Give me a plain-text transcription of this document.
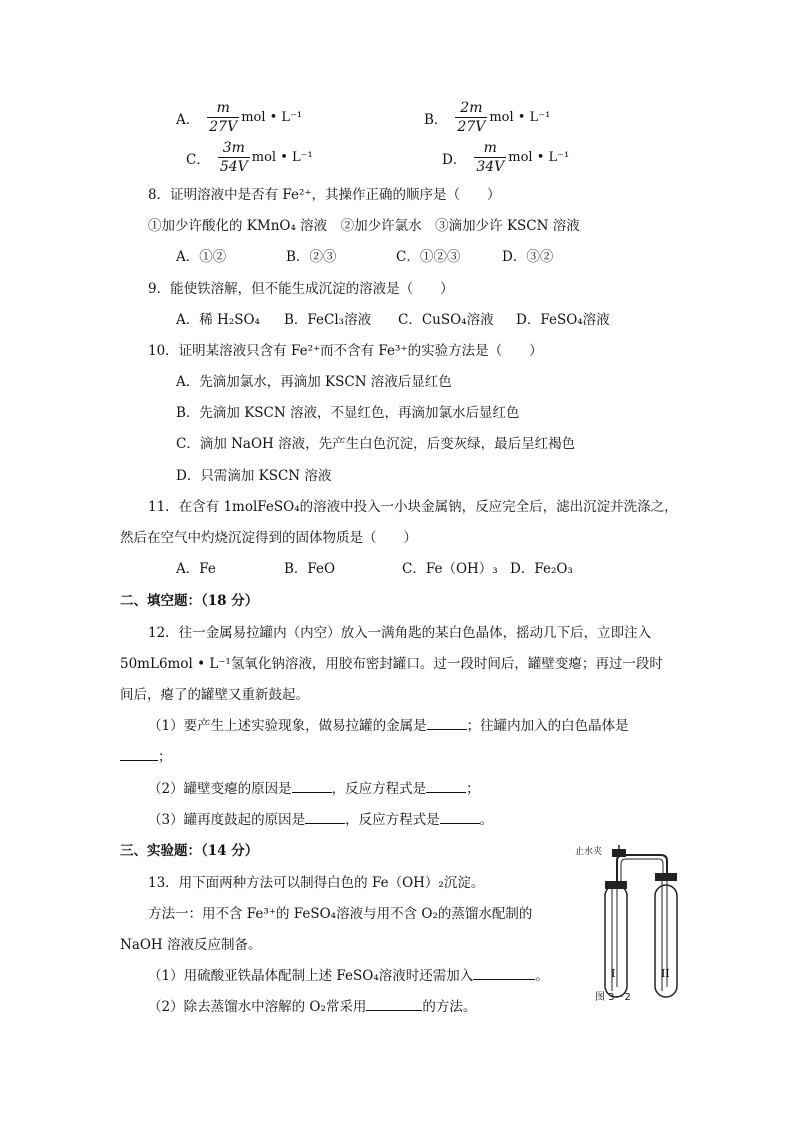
A． $\frac{m}{27V}$ mol • L⁻¹	B． $\frac{2m}{27V}$ mol • L⁻¹
C． $\frac{3m}{54V}$ mol • L⁻¹	D． $\frac{m}{34V}$ mol • L⁻¹
8．证明溶液中是否有 Fe²⁺，其操作正确的顺序是（　　）
①加少许酸化的 KMnO₄ 溶液　②加少许氯水　③滴加少许 KSCN 溶液
A．①②	B．②③	C．①②③	D．③②
9．能使铁溶解，但不能生成沉淀的溶液是（　　）
A．稀 H₂SO₄ B．FeCl₃溶液 C．CuSO₄溶液 D．FeSO₄溶液
10．证明某溶液只含有 Fe²⁺而不含有 Fe³⁺的实验方法是（　　）
A．先滴加氯水，再滴加 KSCN 溶液后显红色
B．先滴加 KSCN 溶液，不显红色，再滴加氯水后显红色
C．滴加 NaOH 溶液，先产生白色沉淀，后变灰绿，最后呈红褐色
D．只需滴加 KSCN 溶液
11．在含有 1molFeSO₄的溶液中投入一小块金属钠，反应完全后，滤出沉淀并洗涤之，
然后在空气中灼烧沉淀得到的固体物质是（　　）
A．Fe	B．FeO	C．Fe（OH）₃ D．Fe₂O₃
二、填空题：（18 分）
12．往一金属易拉罐内（内空）放入一满角匙的某白色晶体，摇动几下后，立即注入
50mL6mol • L⁻¹氢氧化钠溶液，用胶布密封罐口。过一段时间后，罐壁变瘪；再过一段时
间后，瘪了的罐壁又重新鼓起。
（1）要产生上述实验现象，做易拉罐的金属是	；往罐内加入的白色晶体是
；
（2）罐壁变瘪的原因是	，反应方程式是	；
（3）罐再度鼓起的原因是	，反应方程式是	。
三、实验题：（14 分）
13．用下面两种方法可以制得白色的 Fe（OH）₂沉淀。
方法一：用不含 Fe³⁺的 FeSO₄溶液与用不含 O₂的蒸馏水配制的
NaOH 溶液反应制备。
（1）用硫酸亚铁晶体配制上述 FeSO₄溶液时还需加入	。
（2）除去蒸馏水中溶解的 O₂常采用	的方法。
止水夹
I	II
图 3－2
